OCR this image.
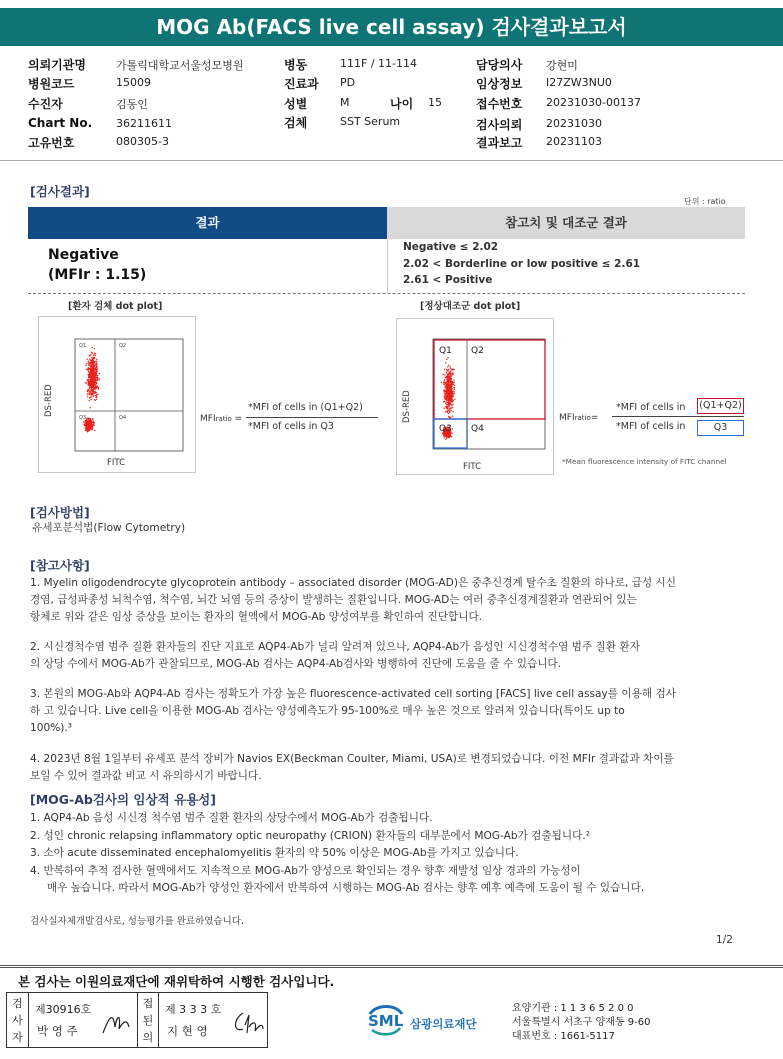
MOG Ab(FACS live cell assay) 검사결과보고서
의뢰기관명	가톨릭대학교서울성모병원
병원코드	15009
수진자	김동인
Chart No. 36211611
고유번호	080305-3
병동	111F / 11-114
진료과 PD
성별	M	나이 15
검체	SST Serum
담당의사 강현미
임상정보 I27ZW3NU0
접수번호 20231030-00137
검사의뢰 20231030
결과보고 20231103
[검사결과]
단위 : ratio
결과	참고치 및 대조군 결과
Negative
(MFIr : 1.15)
Negative ≤ 2.02
2.02 < Borderline or low positive ≤ 2.61
2.61 < Positive
[환자 검체 dot plot]	[정상대조군 dot plot]
Q1	Q2
Q3	Q4
DS-RED
FITC
MFIratio =
*MFI of cells in (Q1+Q2)
*MFI of cells in Q3
Q1 Q2
Q3 Q4
DS-RED
FITC
MFIratio=
*MFI of cells in (Q1+Q2)
*MFI of cells in	Q3
*Mean fluorescence intensity of FITC channel
[검사방법]
유세포분석법(Flow Cytometry)
[참고사항]
1. Myelin oligodendrocyte glycoprotein antibody – associated disorder (MOG-AD)은 중추신경계 탈수초 질환의 하나로, 급성 시신
경염, 급성파종성 뇌척수염, 척수염, 뇌간 뇌염 등의 증상이 발생하는 질환입니다. MOG-AD는 여러 중추신경계질환과 연관되어 있는
항체로 위와 같은 임상 증상을 보이는 환자의 혈액에서 MOG-Ab 양성여부를 확인하여 진단합니다.
2. 시신경척수염 범주 질환 환자들의 진단 지표로 AQP4-Ab가 널리 알려져 있으나, AQP4-Ab가 음성인 시신경척수염 범주 질환 환자
의 상당 수에서 MOG-Ab가 관찰되므로, MOG-Ab 검사는 AQP4-Ab검사와 병행하여 진단에 도움을 줄 수 있습니다.
3. 본원의 MOG-Ab와 AQP4-Ab 검사는 정확도가 가장 높은 fluorescence-activated cell sorting [FACS] live cell assay를 이용해 검사
하 고 있습니다. Live cell을 이용한 MOG-Ab 검사는 양성예측도가 95-100%로 매우 높은 것으로 알려져 있습니다(특이도 up to
100%).³
4. 2023년 8월 1일부터 유세포 분석 장비가 Navios EX(Beckman Coulter, Miami, USA)로 변경되었습니다. 이전 MFIr 결과값과 차이를
보일 수 있어 결과값 비교 시 유의하시기 바랍니다.
[MOG-Ab검사의 임상적 유용성]
1. AQP4-Ab 음성 시신경 척수염 범주 질환 환자의 상당수에서 MOG-Ab가 검출됩니다.
2. 성인 chronic relapsing inflammatory optic neuropathy (CRION) 환자들의 대부분에서 MOG-Ab가 검출됩니다.²
3. 소아 acute disseminated encephalomyelitis 환자의 약 50% 이상은 MOG-Ab를 가지고 있습니다.
4. 반복하여 추적 검사한 혈액에서도 지속적으로 MOG-Ab가 양성으로 확인되는 경우 향후 재발성 임상 경과의 가능성이
매우 높습니다. 따라서 MOG-Ab가 양성인 환자에서 반복하여 시행하는 MOG-Ab 검사는 향후 예후 예측에 도움이 될 수 있습니다.
검사실자체개발검사로, 성능평가를 완료하였습니다.
1/2
본 검사는 이원의료재단에 재위탁하여 시행한 검사입니다.
검
사
자
제30916호
박 영 주
접
된
의
제 3 3 3 호
지 현 영
SML 삼광의료재단
요양기관 : 1 1 3 6 5 2 0 0
서울특별시 서초구 양재동 9-60
대표번호 : 1661-5117
